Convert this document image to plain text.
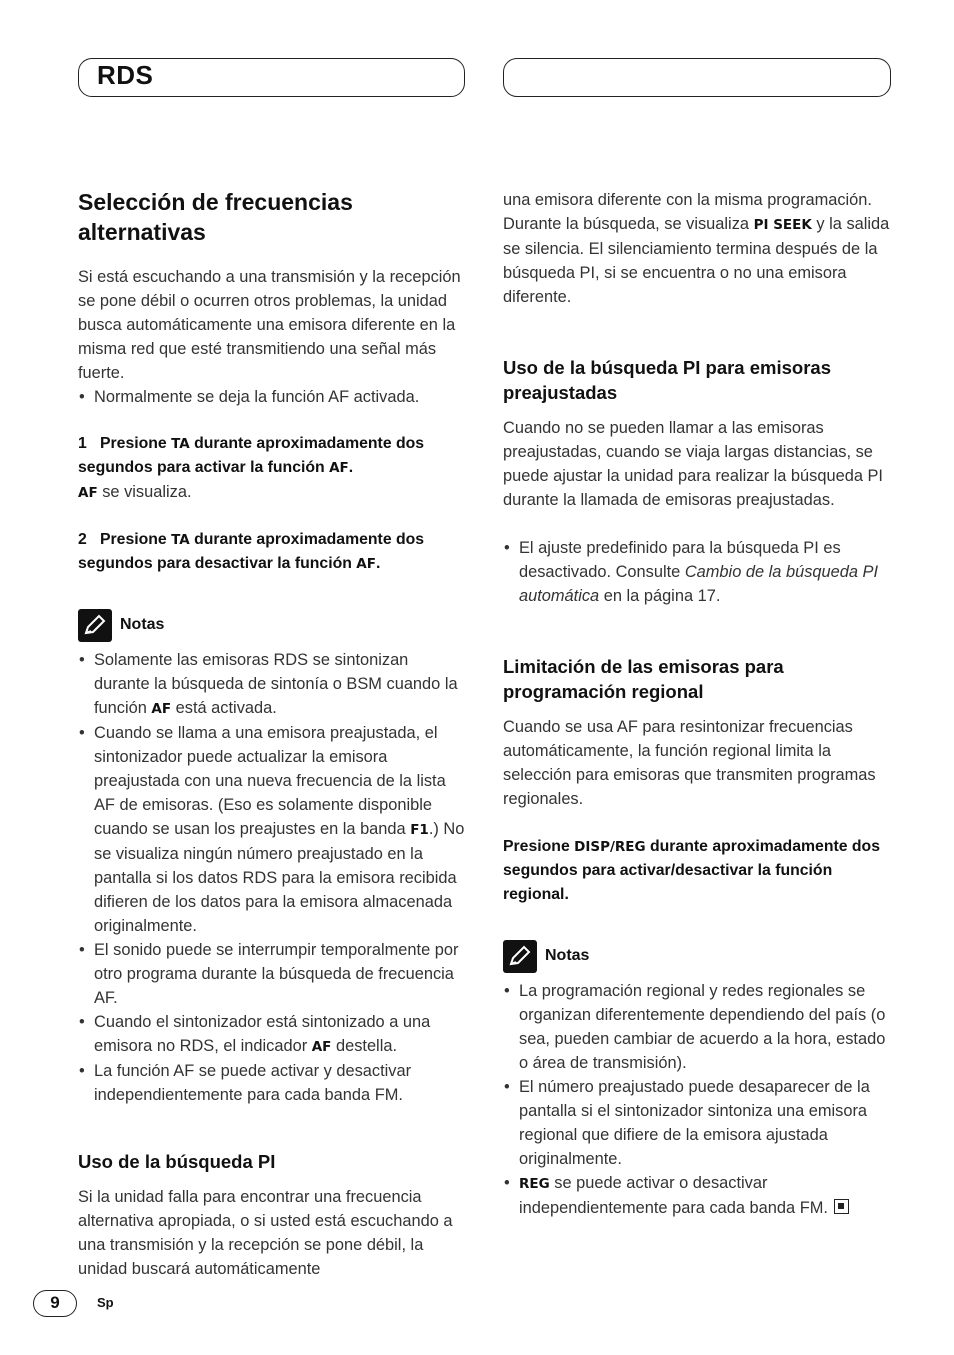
RDS
Selección de frecuencias alternativas

Si está escuchando a una transmisión y la recepción se pone débil o ocurren otros problemas, la unidad busca automáticamente una emisora diferente en la misma red que esté transmitiendo una señal más fuerte.

• Normalmente se deja la función AF activada.
1 Presione TA durante aproximadamente dos segundos para activar la función AF.
AF se visualiza.
2 Presione TA durante aproximadamente dos segundos para desactivar la función AF.
Notas
• Solamente las emisoras RDS se sintonizan durante la búsqueda de sintonía o BSM cuando la función AF está activada.
• Cuando se llama a una emisora preajustada, el sintonizador puede actualizar la emisora preajustada con una nueva frecuencia de la lista AF de emisoras. (Eso es solamente disponible cuando se usan los preajustes en la banda F1.) No se visualiza ningún número preajustado en la pantalla si los datos RDS para la emisora recibida difieren de los datos para la emisora almacenada originalmente.
• El sonido puede se interrumpir temporalmente por otro programa durante la búsqueda de frecuencia AF.
• Cuando el sintonizador está sintonizado a una emisora no RDS, el indicador AF destella.
• La función AF se puede activar y desactivar independientemente para cada banda FM.
Uso de la búsqueda PI

Si la unidad falla para encontrar una frecuencia alternativa apropiada, o si usted está escuchando a una transmisión y la recepción se pone débil, la unidad buscará automáticamente

una emisora diferente con la misma programación. Durante la búsqueda, se visualiza PI SEEK y la salida se silencia. El silenciamiento termina después de la búsqueda PI, si se encuentra o no una emisora diferente.

Uso de la búsqueda PI para emisoras preajustadas

Cuando no se pueden llamar a las emisoras preajustadas, cuando se viaja largas distancias, se puede ajustar la unidad para realizar la búsqueda PI durante la llamada de emisoras preajustadas.

• El ajuste predefinido para la búsqueda PI es desactivado. Consulte Cambio de la búsqueda PI automática en la página 17.
Limitación de las emisoras para programación regional

Cuando se usa AF para resintonizar frecuencias automáticamente, la función regional limita la selección para emisoras que transmiten programas regionales.

Presione DISP/REG durante aproximadamente dos segundos para activar/desactivar la función regional.
Notas
• La programación regional y redes regionales se organizan diferentemente dependiendo del país (o sea, pueden cambiar de acuerdo a la hora, estado o área de transmisión).
• El número preajustado puede desaparecer de la pantalla si el sintonizador sintoniza una emisora regional que difiere de la emisora ajustada originalmente.
• REG se puede activar o desactivar independientemente para cada banda FM.
9	Sp
